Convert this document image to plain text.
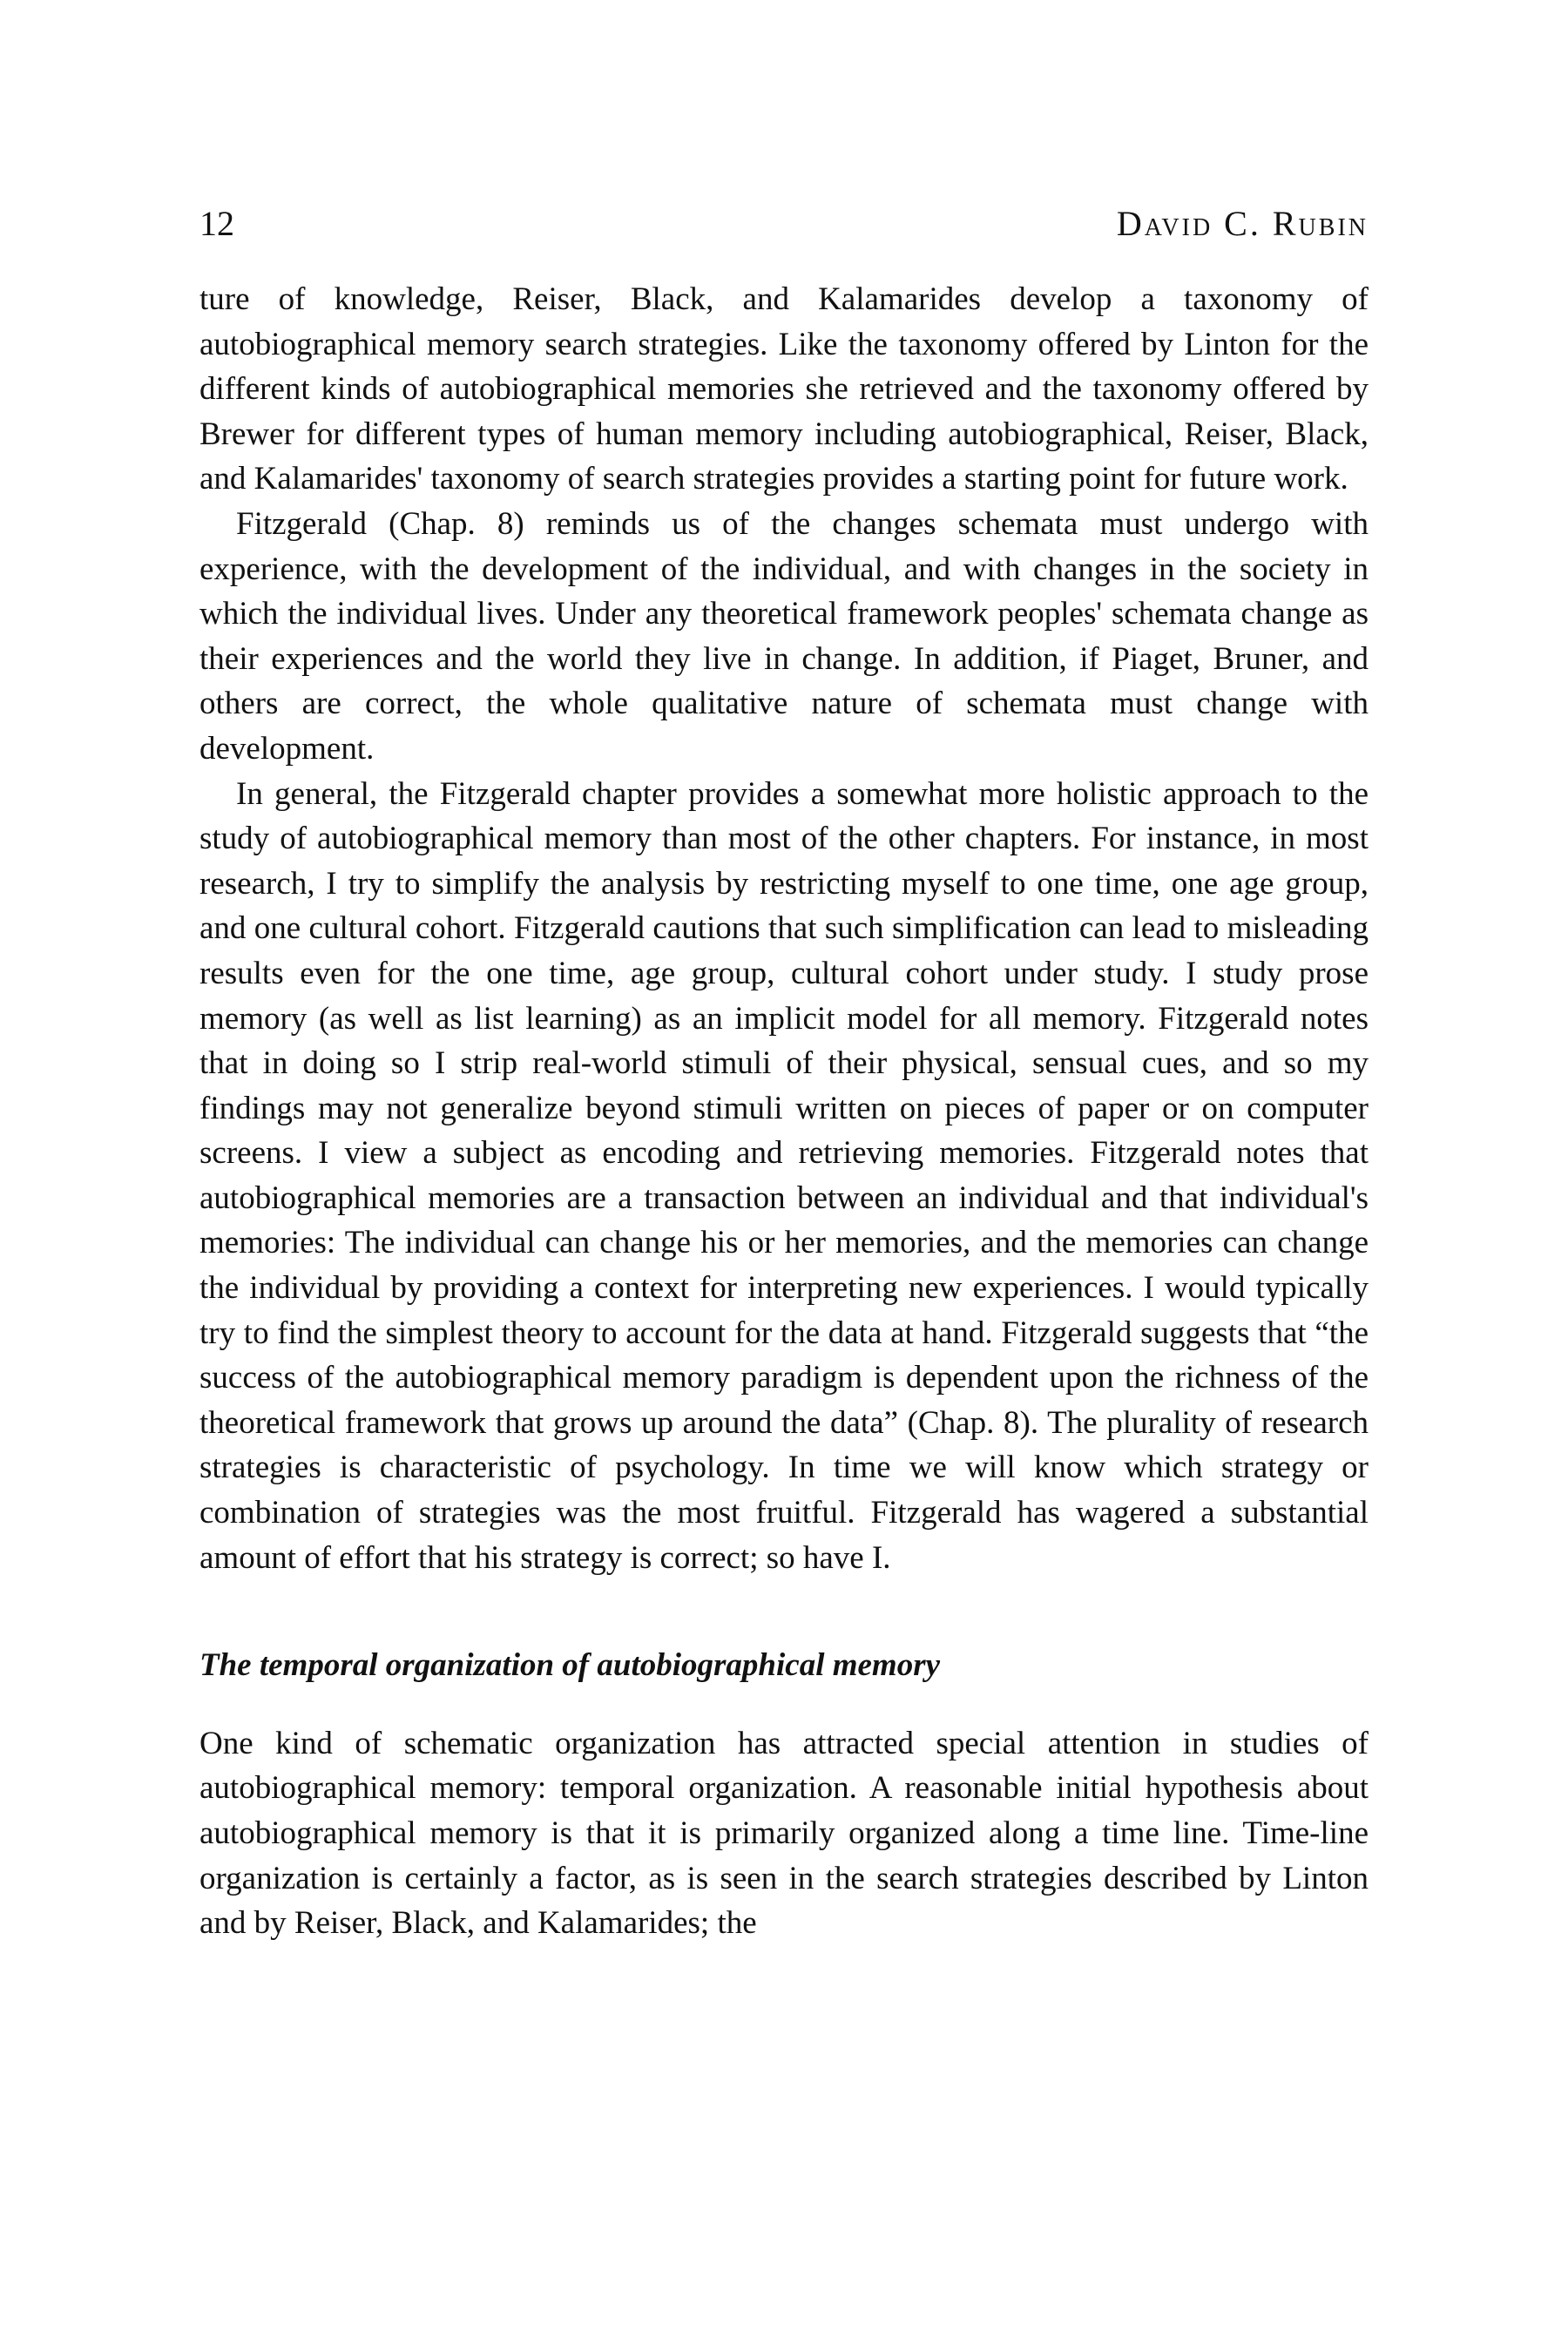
12	David C. Rubin

ture of knowledge, Reiser, Black, and Kalamarides develop a taxonomy of autobiographical memory search strategies. Like the taxonomy offered by Linton for the different kinds of autobiographical memories she retrieved and the taxonomy offered by Brewer for different types of human memory including autobiographical, Reiser, Black, and Kalamarides' taxonomy of search strategies provides a starting point for future work.

Fitzgerald (Chap. 8) reminds us of the changes schemata must undergo with experience, with the development of the individual, and with changes in the society in which the individual lives. Under any theoretical framework peoples' schemata change as their experiences and the world they live in change. In addition, if Piaget, Bruner, and others are correct, the whole qualitative nature of schemata must change with development.

In general, the Fitzgerald chapter provides a somewhat more holistic approach to the study of autobiographical memory than most of the other chapters. For instance, in most research, I try to simplify the analysis by restricting myself to one time, one age group, and one cultural cohort. Fitzgerald cautions that such simplification can lead to misleading results even for the one time, age group, cultural cohort under study. I study prose memory (as well as list learning) as an implicit model for all memory. Fitzgerald notes that in doing so I strip real-world stimuli of their physical, sensual cues, and so my findings may not generalize beyond stimuli written on pieces of paper or on computer screens. I view a subject as encoding and retrieving memories. Fitzgerald notes that autobiographical memories are a transaction between an individual and that individual's memories: The individual can change his or her memories, and the memories can change the individual by providing a context for interpreting new experiences. I would typically try to find the simplest theory to account for the data at hand. Fitzgerald suggests that “the success of the autobiographical memory paradigm is dependent upon the richness of the theoretical framework that grows up around the data” (Chap. 8). The plurality of research strategies is characteristic of psychology. In time we will know which strategy or combination of strategies was the most fruitful. Fitzgerald has wagered a substantial amount of effort that his strategy is correct; so have I.

The temporal organization of autobiographical memory

One kind of schematic organization has attracted special attention in studies of autobiographical memory: temporal organization. A reasonable initial hypothesis about autobiographical memory is that it is primarily organized along a time line. Time-line organization is certainly a factor, as is seen in the search strategies described by Linton and by Reiser, Black, and Kalamarides; the
